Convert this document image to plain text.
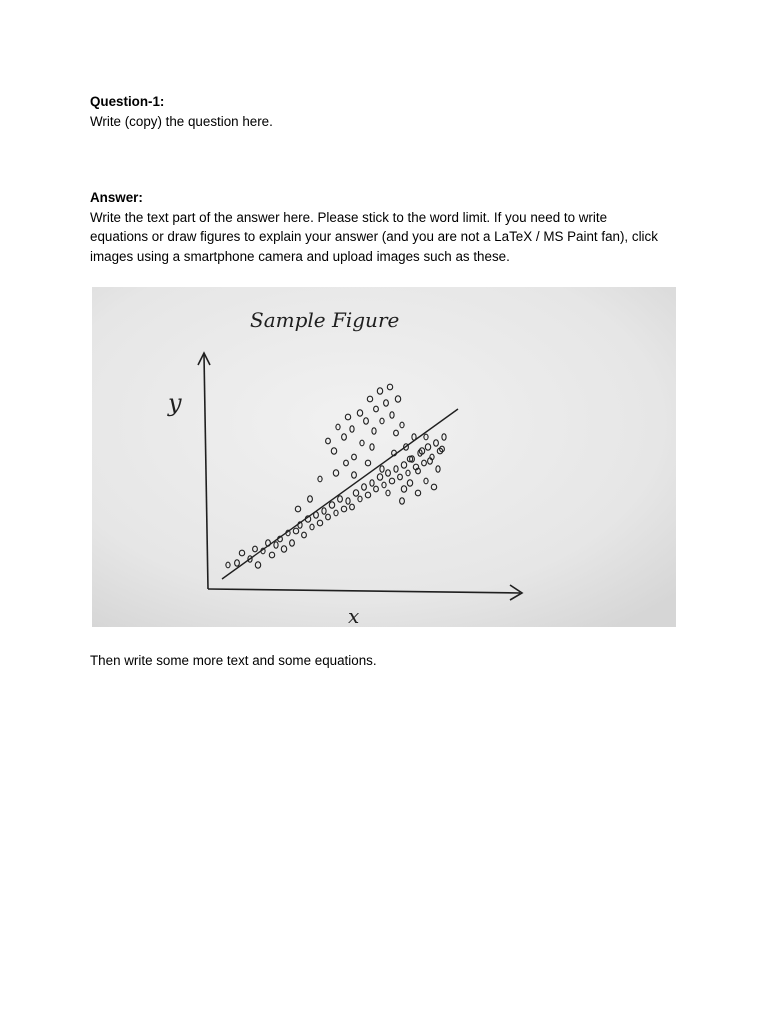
Question-1:
Write (copy) the question here.
Answer:
Write the text part of the answer here. Please stick to the word limit. If you need to write
equations or draw figures to explain your answer (and you are not a LaTeX / MS Paint fan), click
images using a smartphone camera and upload images such as these.
Sample Figure
y
x
Then write some more text and some equations.
